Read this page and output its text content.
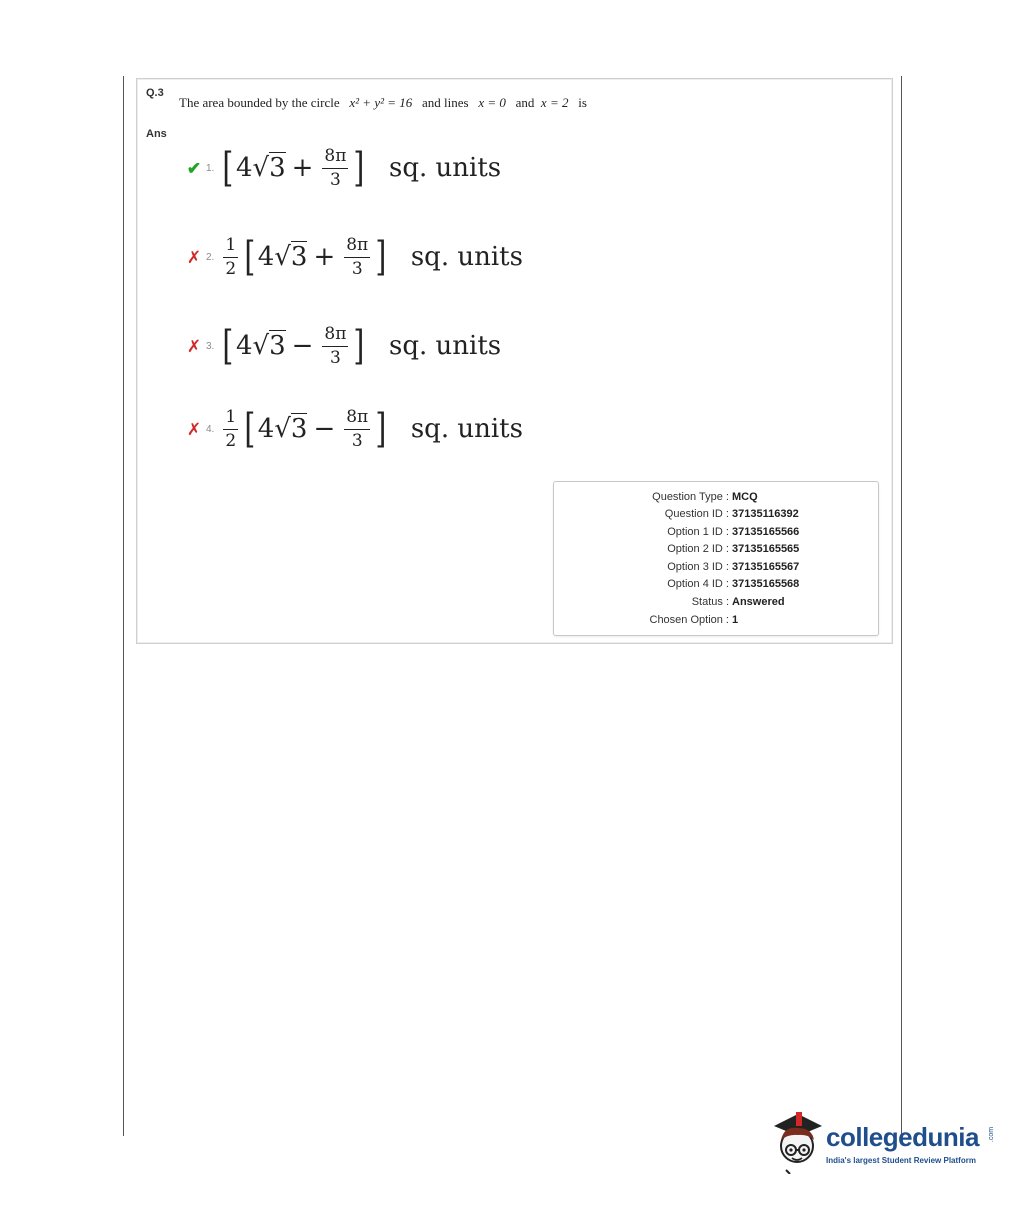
Q.3
The area bounded by the circle x² + y² = 16 and lines x = 0 and x = 2 is
Ans
✔ 1. [ $4√3 + \frac{8\pi}{3}$ ] sq. units
✗ 2. $\frac{1}{2}$ [ $4√3 + \frac{8\pi}{3}$ ] sq. units
✗ 3. [ $4√3 - \frac{8\pi}{3}$ ] sq. units
✗ 4. $\frac{1}{2}$ [ $4√3 - \frac{8\pi}{3}$ ] sq. units
Question Type : MCQ
Question ID : 37135116392
Option 1 ID : 37135165566
Option 2 ID : 37135165565
Option 3 ID : 37135165567
Option 4 ID : 37135165568
Status : Answered
Chosen Option : 1
collegedunia .com
India's largest Student Review Platform
